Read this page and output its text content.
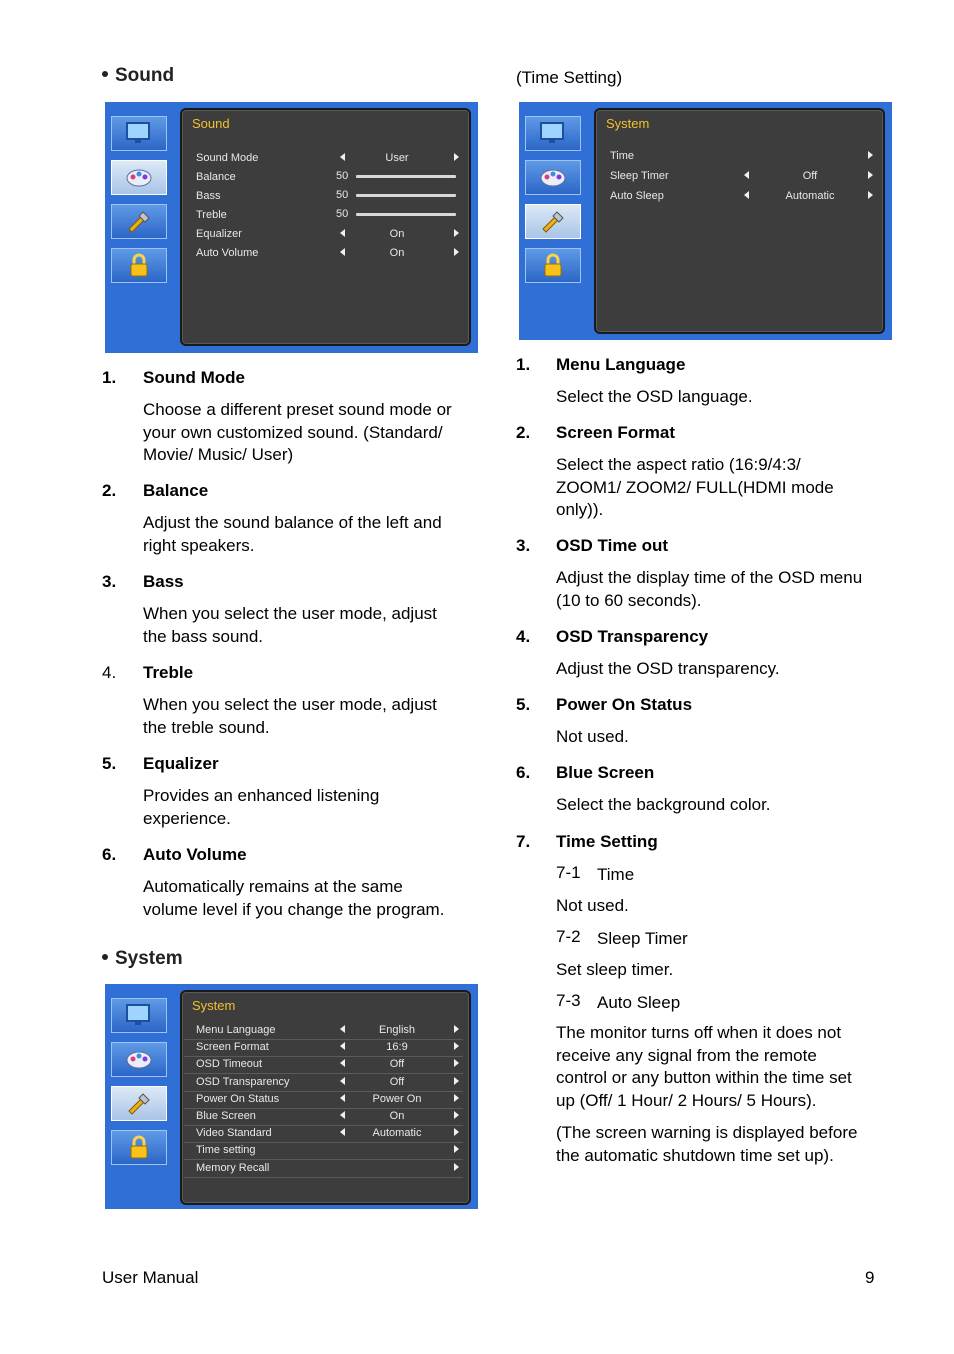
Sound
Sound
Sound Mode	User
Balance	50
Bass	50
Treble	50
Equalizer	On
Auto Volume	On
1. Sound Mode
Choose a different preset sound mode or
your own customized sound. (Standard/
Movie/ Music/ User)
2. Balance
Adjust the sound balance of the left and
right speakers.
3. Bass
When you select the user mode, adjust
the bass sound.
4. Treble
When you select the user mode, adjust
the treble sound.
5. Equalizer
Provides an enhanced listening
experience.
6. Auto Volume
Automatically remains at the same
volume level if you change the program.
System
System
Menu Language	English
Screen Format	16:9
OSD Timeout	Off
OSD Transparency	Off
Power On Status	Power On
Blue Screen	On
Video Standard	Automatic
Time setting
Memory Recall
(Time Setting)
System
Time
Sleep Timer	Off
Auto Sleep	Automatic
1. Menu Language
Select the OSD language.
2. Screen Format
Select the aspect ratio (16:9/4:3/
ZOOM1/ ZOOM2/ FULL(HDMI mode
only)).
3. OSD Time out
Adjust the display time of the OSD menu
(10 to 60 seconds).
4. OSD Transparency
Adjust the OSD transparency.
5. Power On Status
Not used.
6. Blue Screen
Select the background color.
7. Time Setting
7-1 Time
Not used.
7-2 Sleep Timer
Set sleep timer.
7-3 Auto Sleep
The monitor turns off when it does not
receive any signal from the remote
control or any button within the time set
up (Off/ 1 Hour/ 2 Hours/ 5 Hours).
(The screen warning is displayed before
the automatic shutdown time set up).
User Manual	9
